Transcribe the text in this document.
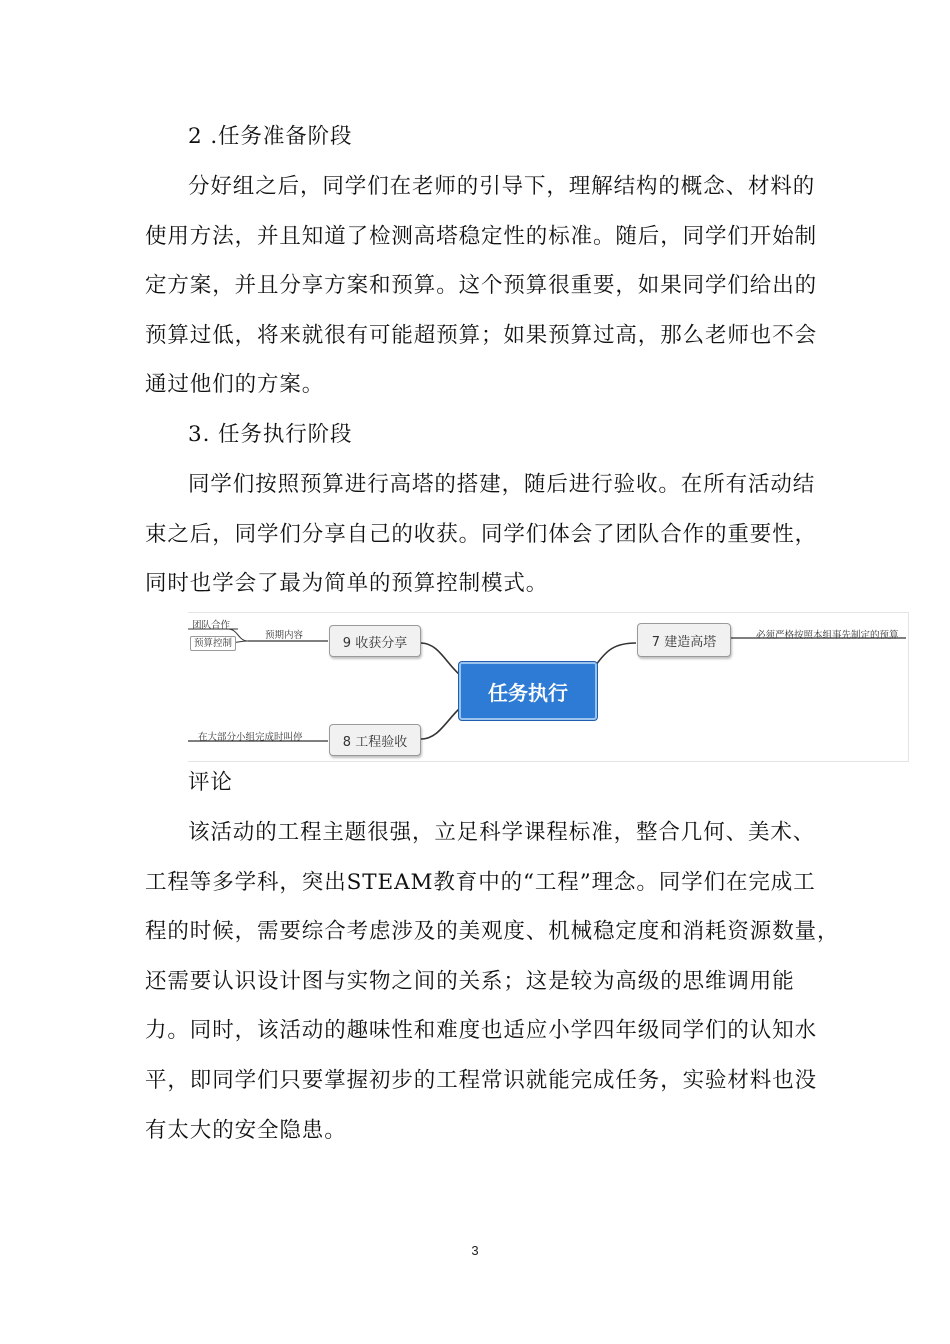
2 .任务准备阶段

分好组之后，同学们在老师的引导下，理解结构的概念、材料的

使用方法，并且知道了检测高塔稳定性的标准。随后，同学们开始制

定方案，并且分享方案和预算。这个预算很重要，如果同学们给出的

预算过低，将来就很有可能超预算；如果预算过高，那么老师也不会

通过他们的方案。

3. 任务执行阶段

同学们按照预算进行高塔的搭建，随后进行验收。在所有活动结

束之后，同学们分享自己的收获。同学们体会了团队合作的重要性，

同时也学会了最为简单的预算控制模式。

团队合作
预算控制
预期内容	9 收获分享
任务执行
7 建造高塔	必须严格按照本组事先制定的预算
在大部分小组完成时叫停	8 工程验收

评论

该活动的工程主题很强，立足科学课程标准，整合几何、美术、

工程等多学科，突出STEAM教育中的“工程”理念。同学们在完成工

程的时候，需要综合考虑涉及的美观度、机械稳定度和消耗资源数量，

还需要认识设计图与实物之间的关系；这是较为高级的思维调用能

力。同时，该活动的趣味性和难度也适应小学四年级同学们的认知水

平，即同学们只要掌握初步的工程常识就能完成任务，实验材料也没

有太大的安全隐患。

3
